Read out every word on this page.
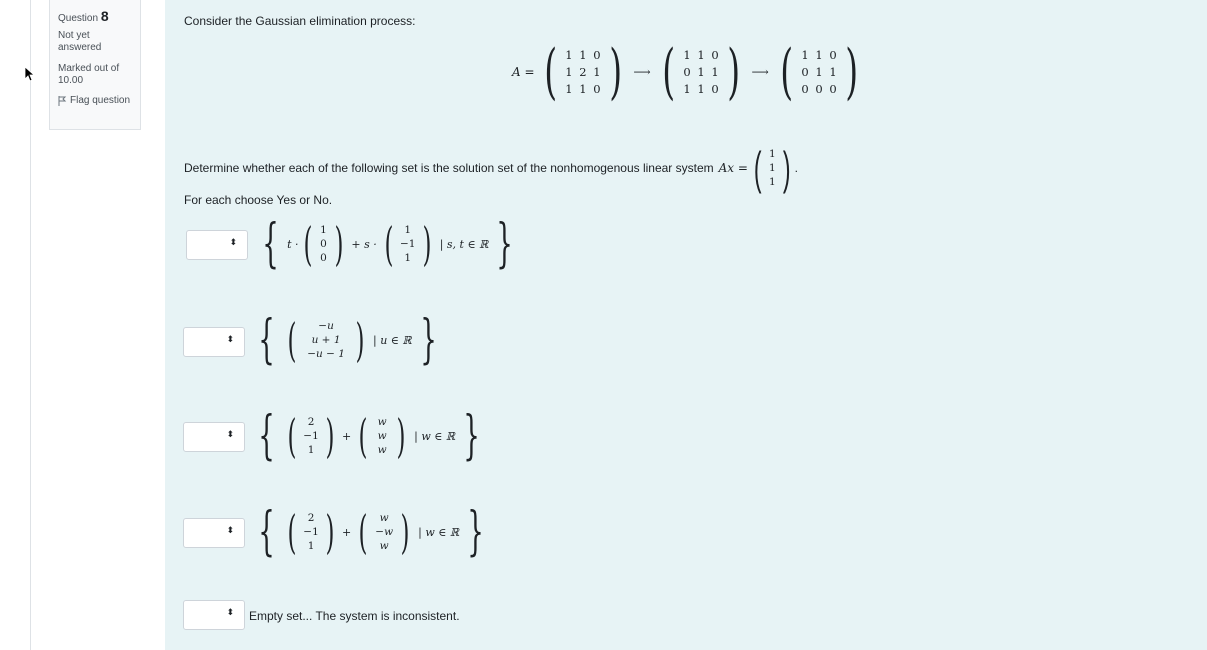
Question 8
Not yet answered
Marked out of 10.00
Flag question
Consider the Gaussian elimination process:
A = ( 1 1 0
1 2 1
1 1 0 ) ⟶ ( 1 1 0
0 1 1
1 1 0 ) ⟶ ( 1 1 0
0 1 1
0 0 0 )
Determine whether each of the following set is the solution set of the nonhomogenous linear system Ax = ( 1
1
1 ) .
For each choose Yes or No.
⬍ { t · ( 1
0
0 ) + s · (	1
−1
1 ) | s, t ∈ ℝ }
⬍ { (	−u
u + 1
−u − 1 ) | u ∈ ℝ }
⬍ { (	2
−1
1 ) + ( w
w
w ) | w ∈ ℝ }
⬍ { (	2
−1
1 ) + (	w
−w
w ) | w ∈ ℝ }
⬍ Empty set... The system is inconsistent.
